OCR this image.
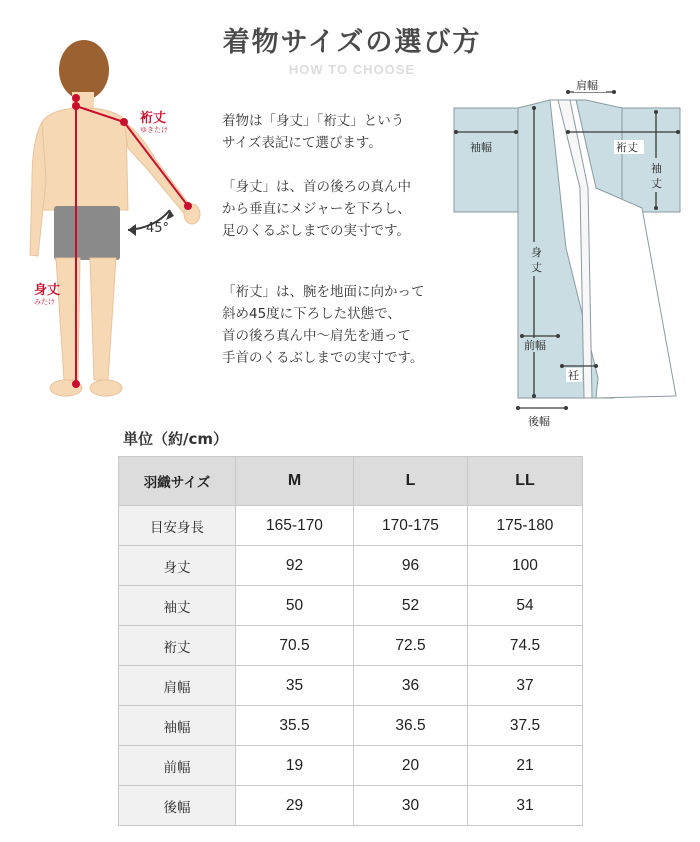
着物サイズの選び方
HOW TO CHOOSE
45°
裄丈
ゆきたけ
身丈
みたけ

着物は「身丈」「裄丈」という

サイズ表記にて選びます。

「身丈」は、首の後ろの真ん中

から垂直にメジャーを下ろし、

足のくるぶしまでの実寸です。

「裄丈」は、腕を地面に向かって

斜め45度に下ろした状態で、

首の後ろ真ん中～肩先を通って

手首のくるぶしまでの実寸です。

肩幅
袖幅	裄丈
袖
丈
身
丈
前幅
衽
後幅
単位（約/cm）
羽織サイズ	M	L	LL
目安身長	165-170	170-175	175-180
身丈	92	96	100
袖丈	50	52	54
裄丈	70.5	72.5	74.5
肩幅	35	36	37
袖幅	35.5	36.5	37.5
前幅	19	20	21
後幅	29	30	31
